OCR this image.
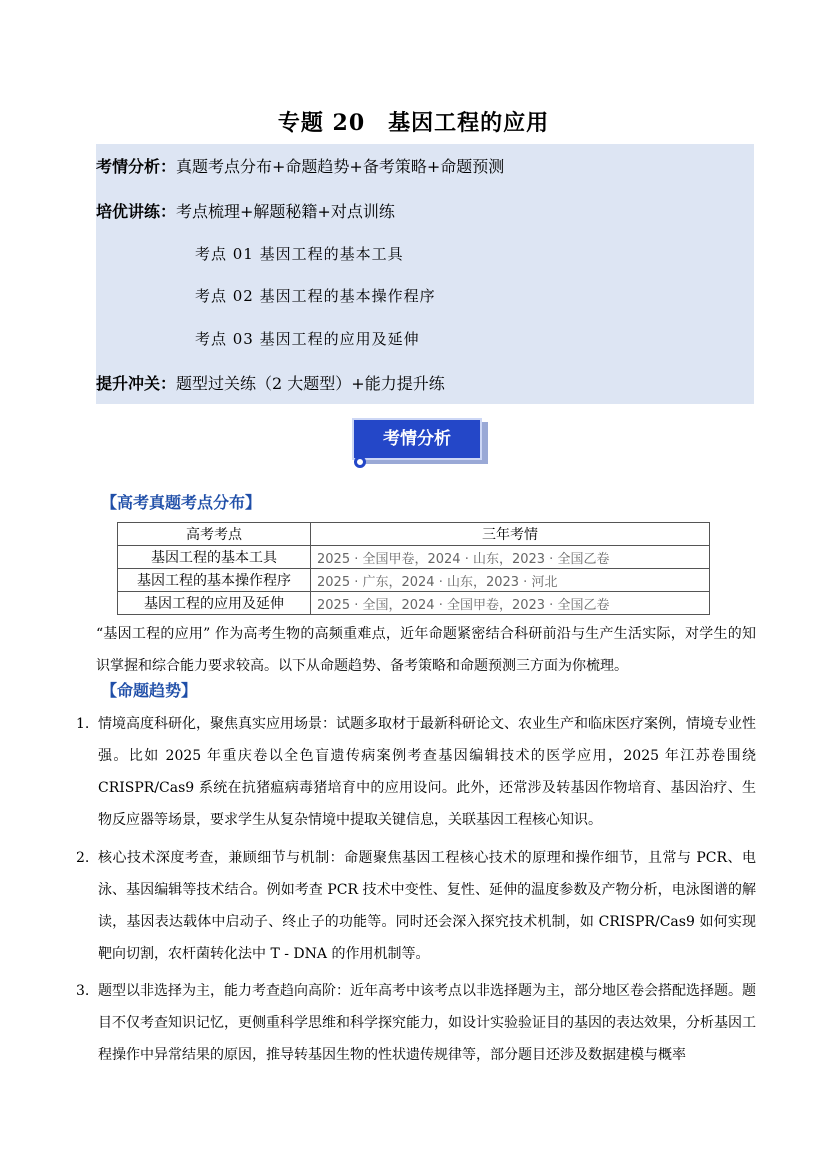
专题 20　基因工程的应用
考情分析：真题考点分布+命题趋势+备考策略+命题预测
培优讲练：考点梳理+解题秘籍+对点训练
考点 01 基因工程的基本工具
考点 02 基因工程的基本操作程序
考点 03 基因工程的应用及延伸
提升冲关：题型过关练（2 大题型）+能力提升练
考情分析
【高考真题考点分布】
高考考点	三年考情
基因工程的基本工具	2025 · 全国甲卷，2024 · 山东，2023 · 全国乙卷
基因工程的基本操作程序	2025 · 广东，2024 · 山东，2023 · 河北
基因工程的应用及延伸	2025 · 全国，2024 · 全国甲卷，2023 · 全国乙卷
“基因工程的应用” 作为高考生物的高频重难点，近年命题紧密结合科研前沿与生产生活实际，对学生的知识掌握和综合能力要求较高。以下从命题趋势、备考策略和命题预测三方面为你梳理。
【命题趋势】
1. 情境高度科研化，聚焦真实应用场景：试题多取材于最新科研论文、农业生产和临床医疗案例，情境专业性强。比如 2025 年重庆卷以全色盲遗传病案例考查基因编辑技术的医学应用，2025 年江苏卷围绕 CRISPR/Cas9 系统在抗猪瘟病毒猪培育中的应用设问。此外，还常涉及转基因作物培育、基因治疗、生物反应器等场景，要求学生从复杂情境中提取关键信息，关联基因工程核心知识。
2. 核心技术深度考查，兼顾细节与机制：命题聚焦基因工程核心技术的原理和操作细节，且常与 PCR、电泳、基因编辑等技术结合。例如考查 PCR 技术中变性、复性、延伸的温度参数及产物分析，电泳图谱的解读，基因表达载体中启动子、终止子的功能等。同时还会深入探究技术机制，如 CRISPR/Cas9 如何实现靶向切割，农杆菌转化法中 T - DNA 的作用机制等。
3. 题型以非选择为主，能力考查趋向高阶：近年高考中该考点以非选择题为主，部分地区卷会搭配选择题。题目不仅考查知识记忆，更侧重科学思维和科学探究能力，如设计实验验证目的基因的表达效果，分析基因工程操作中异常结果的原因，推导转基因生物的性状遗传规律等，部分题目还涉及数据建模与概率
